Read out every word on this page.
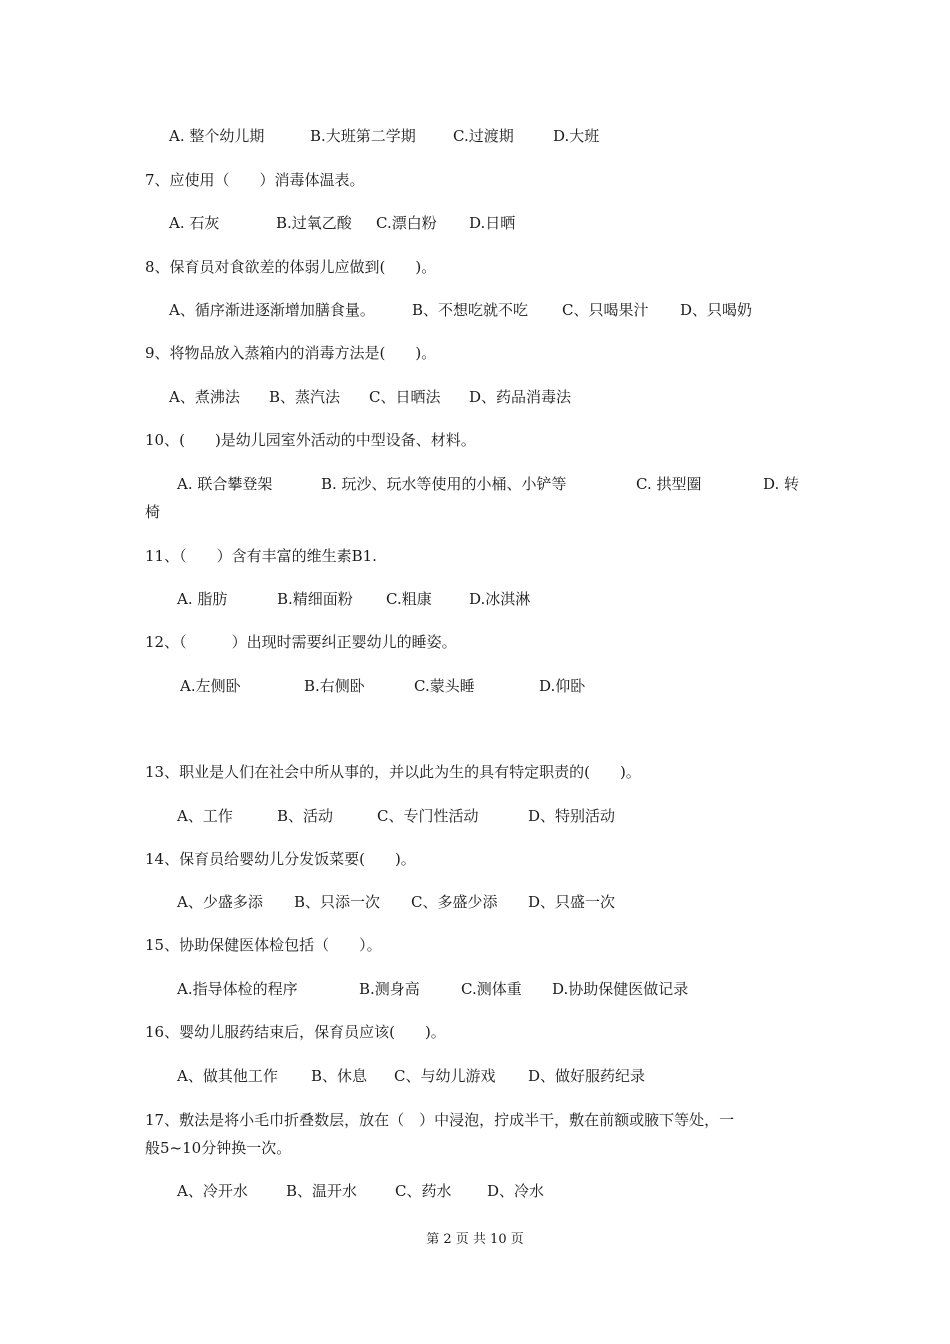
A. 整个幼儿期	B.大班第二学期 C.过渡期	D.大班
7、应使用（　　）消毒体温表。
A. 石灰	B.过氧乙酸 C.漂白粉 D.日晒
8、保育员对食欲差的体弱儿应做到(　　)。
A、循序渐进逐渐增加膳食量。 B、不想吃就不吃 C、只喝果汁 D、只喝奶
9、将物品放入蒸箱内的消毒方法是(　　)。
A、煮沸法 B、蒸汽法 C、日晒法 D、药品消毒法
10、(　　)是幼儿园室外活动的中型设备、材料。
A. 联合攀登架	B. 玩沙、玩水等使用的小桶、小铲等	C. 拱型圈	D. 转
椅
11、（　　）含有丰富的维生素B1.
A. 脂肪	B.精细面粉 C.粗康 D.冰淇淋
12、（　　　）出现时需要纠正婴幼儿的睡姿。
A.左侧卧	B.右侧卧	C.蒙头睡	D.仰卧
13、职业是人们在社会中所从事的，并以此为生的具有特定职责的(　　)。
A、工作	B、活动	C、专门性活动	D、特别活动
14、保育员给婴幼儿分发饭菜要(　　)。
A、少盛多添 B、只添一次 C、多盛少添 D、只盛一次
15、协助保健医体检包括（　　）。
A.指导体检的程序	B.测身高	C.测体重 D.协助保健医做记录
16、婴幼儿服药结束后，保育员应该(　　)。
A、做其他工作 B、休息 C、与幼儿游戏 D、做好服药纪录
17、敷法是将小毛巾折叠数层，放在（　）中浸泡，拧成半干，敷在前额或腋下等处，一
般5~10分钟换一次。
A、冷开水	B、温开水	C、药水 D、冷水
第 2 页 共 10 页
